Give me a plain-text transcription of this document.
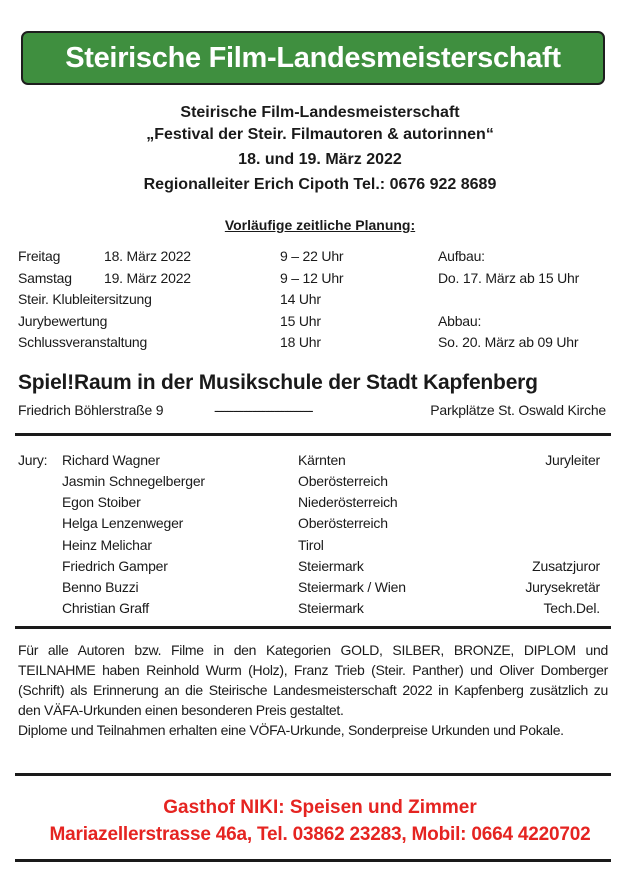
Steirische Film-Landesmeisterschaft
Steirische Film-Landesmeisterschaft
„Festival der Steir. Filmautoren & autorinnen“
18. und 19. März 2022
Regionalleiter Erich Cipoth Tel.: 0676 922 8689
Vorläufige zeitliche Planung:
Freitag	18. März 2022	9 – 22 Uhr	Aufbau:
Samstag 19. März 2022	9 – 12 Uhr	Do. 17. März ab 15 Uhr
Steir. Klubleitersitzung	14 Uhr
Jurybewertung	15 Uhr	Abbau:
Schlussveranstaltung	18 Uhr	So. 20. März ab 09 Uhr
Spiel!Raum in der Musikschule der Stadt Kapfenberg
Friedrich Böhlerstraße 9	-------------------------------	Parkplätze St. Oswald Kirche
Jury: Richard Wagner	Kärnten	Juryleiter
Jasmin Schnegelberger	Oberösterreich
Egon Stoiber	Niederösterreich
Helga Lenzenweger	Oberösterreich
Heinz Melichar	Tirol
Friedrich Gamper	Steiermark	Zusatzjuror
Benno Buzzi	Steiermark / Wien	Jurysekretär
Christian Graff	Steiermark	Tech.Del.
Für alle Autoren bzw. Filme in den Kategorien GOLD, SILBER, BRONZE, DIPLOM und TEILNAHME haben Reinhold Wurm (Holz), Franz Trieb (Steir. Panther) und Oliver Domberger (Schrift) als Erinnerung an die Steirische Landesmeisterschaft 2022 in Kapfenberg zusätzlich zu den VÄFA-Urkunden einen besonderen Preis gestaltet.
Diplome und Teilnahmen erhalten eine VÖFA-Urkunde, Sonderpreise Urkunden und Pokale.
Gasthof NIKI: Speisen und Zimmer
Mariazellerstrasse 46a, Tel. 03862 23283, Mobil: 0664 4220702
